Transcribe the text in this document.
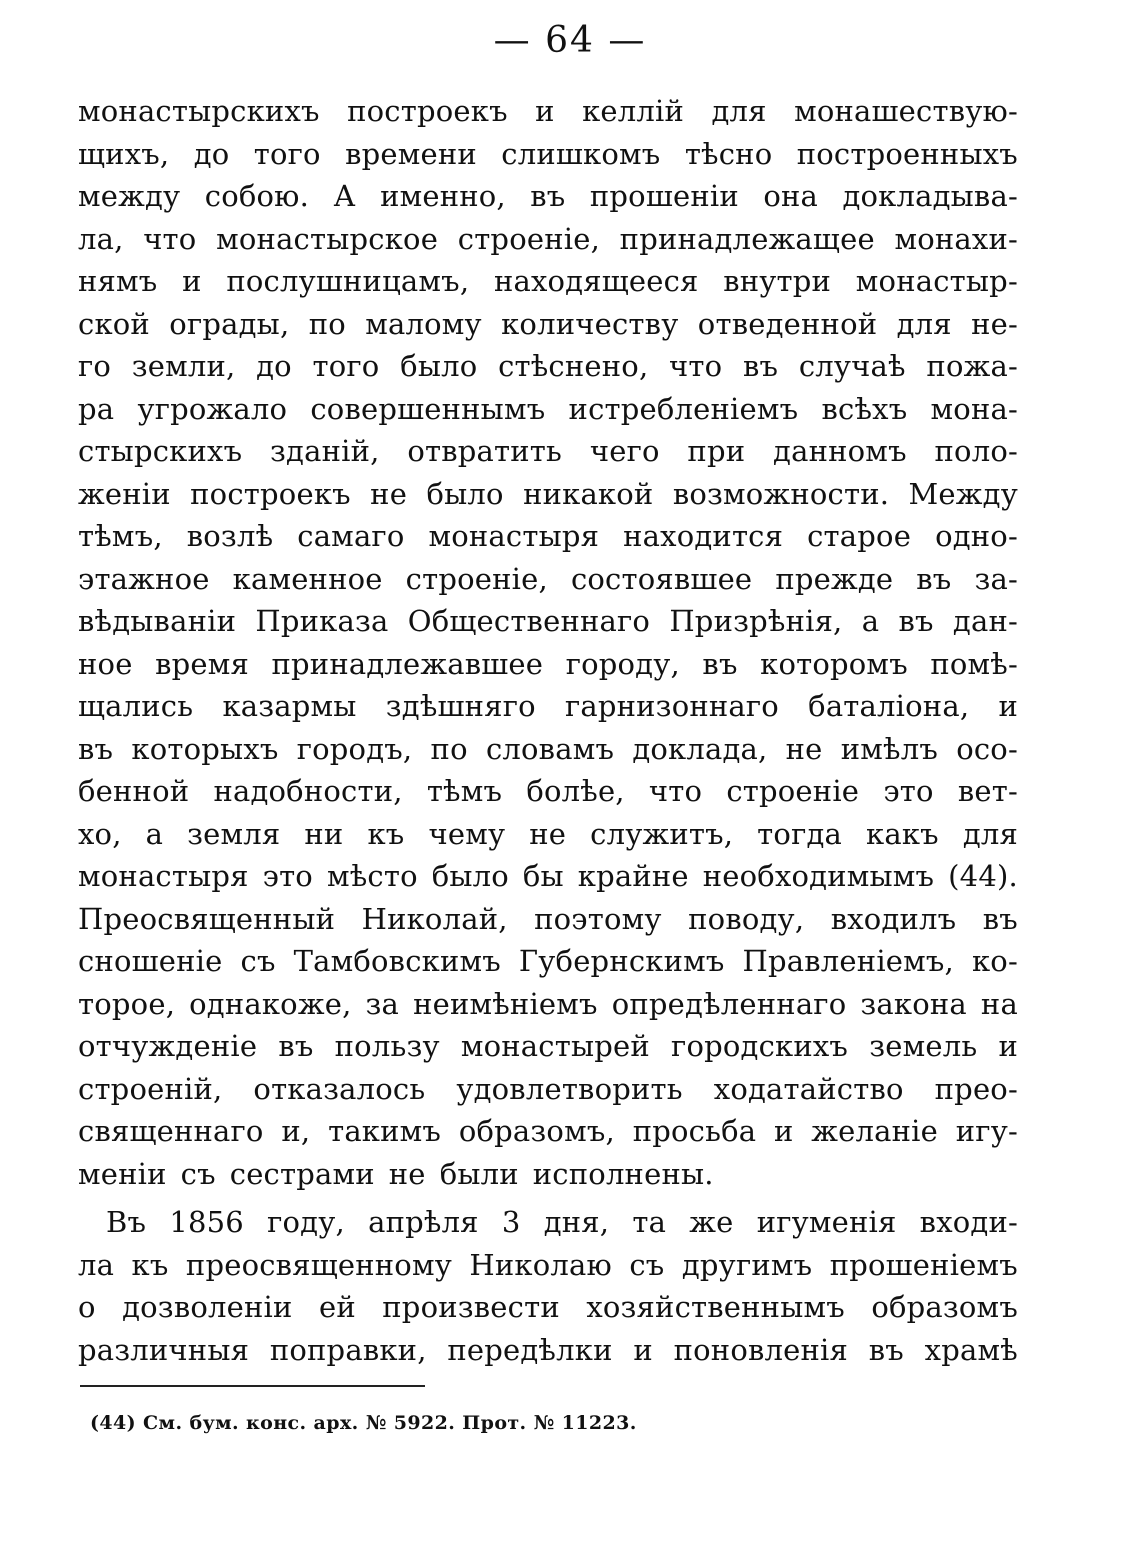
— 64 —
монастырскихъ построекъ и келлій для монашествую-
щихъ, до того времени слишкомъ тѣсно построенныхъ
между собою. А именно, въ прошеніи она докладыва-
ла, что монастырское строеніе, принадлежащее монахи-
нямъ и послушницамъ, находящееся внутри монастыр-
ской ограды, по малому количеству отведенной для не-
го земли, до того было стѣснено, что въ случаѣ пожа-
ра угрожало совершеннымъ истребленіемъ всѣхъ мона-
стырскихъ зданій, отвратить чего при данномъ поло-
женіи построекъ не было никакой возможности. Между
тѣмъ, возлѣ самаго монастыря находится старое одно-
этажное каменное строеніе, состоявшее прежде въ за-
вѣдываніи Приказа Общественнаго Призрѣнія, а въ дан-
ное время принадлежавшее городу, въ которомъ помѣ-
щались казармы здѣшняго гарнизоннаго баталіона, и
въ которыхъ городъ, по словамъ доклада, не имѣлъ осо-
бенной надобности, тѣмъ болѣе, что строеніе это вет-
хо, а земля ни къ чему не служитъ, тогда какъ для
монастыря это мѣсто было бы крайне необходимымъ (44).
Преосвященный Николай, поэтому поводу, входилъ въ
сношеніе съ Тамбовскимъ Губернскимъ Правленіемъ, ко-
торое, однакоже, за неимѣніемъ опредѣленнаго закона на
отчужденіе въ пользу монастырей городскихъ земель и
строеній, отказалось удовлетворить ходатайство прео-
священнаго и, такимъ образомъ, просьба и желаніе игу-
меніи съ сестрами не были исполнены.
Въ 1856 году, апрѣля 3 дня, та же игуменія входи-
ла къ преосвященному Николаю съ другимъ прошеніемъ
о дозволеніи ей произвести хозяйственнымъ образомъ
различныя поправки, передѣлки и поновленія въ храмѣ
(44) См. бум. конс. арх. № 5922. Прот. № 11223.
